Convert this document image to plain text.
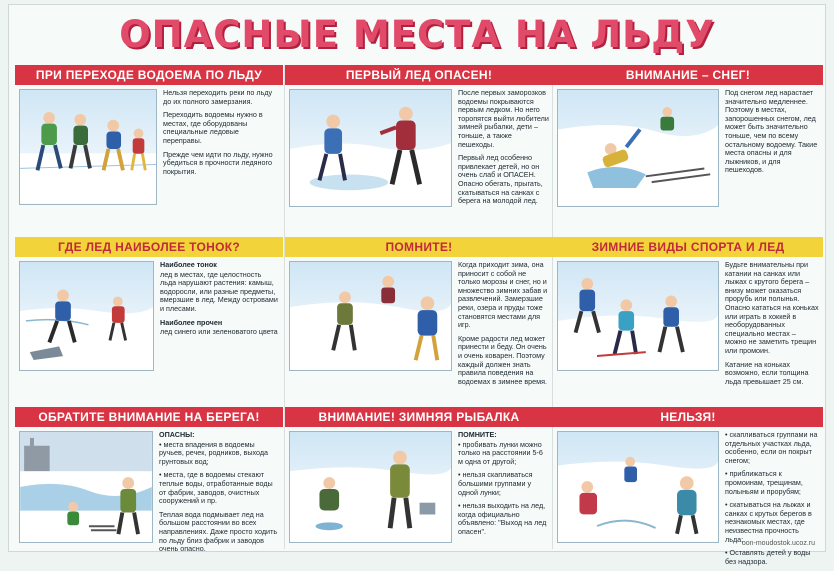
ОПАСНЫЕ МЕСТА НА ЛЬДУ
ПРИ ПЕРЕХОДЕ ВОДОЕМА ПО ЛЬДУ

Нельзя переходить реки по льду до их полного замерзания.

Переходить водоемы нужно в местах, где оборудованы специальные ледовые переправы.

Прежде чем идти по льду, нужно убедиться в прочности ледяного покрытия.

ПЕРВЫЙ ЛЕД ОПАСЕН!

После первых заморозков водоемы покрываются первым ледком. Но него торопятся выйти любители зимней рыбалки, дети – тоньше, а также пешеходы.

Первый лед особенно привлекает детей, но он очень слаб и ОПАСЕН. Опасно обегать, прыгать, скатываться на санках с берега на молодой лед.

ВНИМАНИЕ – СНЕГ!

Под снегом лед нарастает значительно медленнее. Поэтому в местах, запорошенных снегом, лед может быть значительно тоньше, чем по всему остальному водоему. Такие места опасны и для лыжников, и для пешеходов.

ГДЕ ЛЕД НАИБОЛЕЕ ТОНОК?

Наиболее тонок

лед в местах, где целостность льда нарушают растения: камыш, водоросли, или разные предметы, вмерзшие в лед. Между островами и плесами.

Наиболее прочен

лед синего или зеленоватого цвета

ПОМНИТЕ!

Когда приходит зима, она приносит с собой не только морозы и снег, но и множество зимних забав и развлечений. Замерзшие реки, озера и пруды тоже становятся местами для игр.

Кроме радости лед может принести и беду. Он очень и очень коварен. Поэтому каждый должен знать правила поведения на водоемах в зимнее время.

ЗИМНИЕ ВИДЫ СПОРТА И ЛЕД

Будьте внимательны при катании на санках или лыжах с крутого берега – внизу может оказаться прорубь или полынья. Опасно кататься на коньках или играть в хоккей в необорудованных специально местах – можно не заметить трещин или промоин.

Катание на коньках возможно, если толщина льда превышает 25 см.

ОБРАТИТЕ ВНИМАНИЕ НА БЕРЕГА!

ОПАСНЫ:

• места впадения в водоемы ручьев, речек, родников, выхода грунтовых вод;

• места, где в водоемы стекают теплые воды, отработанные воды от фабрик, заводов, очистных сооружений и пр.

Теплая вода подмывает лед на большом расстоянии во всех направлениях. Даже просто ходить по льду близ фабрик и заводов очень опасно.

ВНИМАНИЕ! ЗИМНЯЯ РЫБАЛКА

ПОМНИТЕ:

• пробивать лунки можно только на расстоянии 5-6 м одна от другой;

• нельзя скапливаться большими группами у одной лунки;

• нельзя выходить на лед, когда официально объявлено: "Выход на лед опасен".

НЕЛЬЗЯ!

• скапливаться группами на отдельных участках льда, особенно, если он покрыт снегом;

• приближаться к промоинам, трещинам, полыньям и прорубям;

• скатываться на лыжах и санках с крутых берегов в незнакомых местах, где неизвестна прочность льда;

• Оставлять детей у воды без надзора.

oon-moudostok.ucoz.ru
